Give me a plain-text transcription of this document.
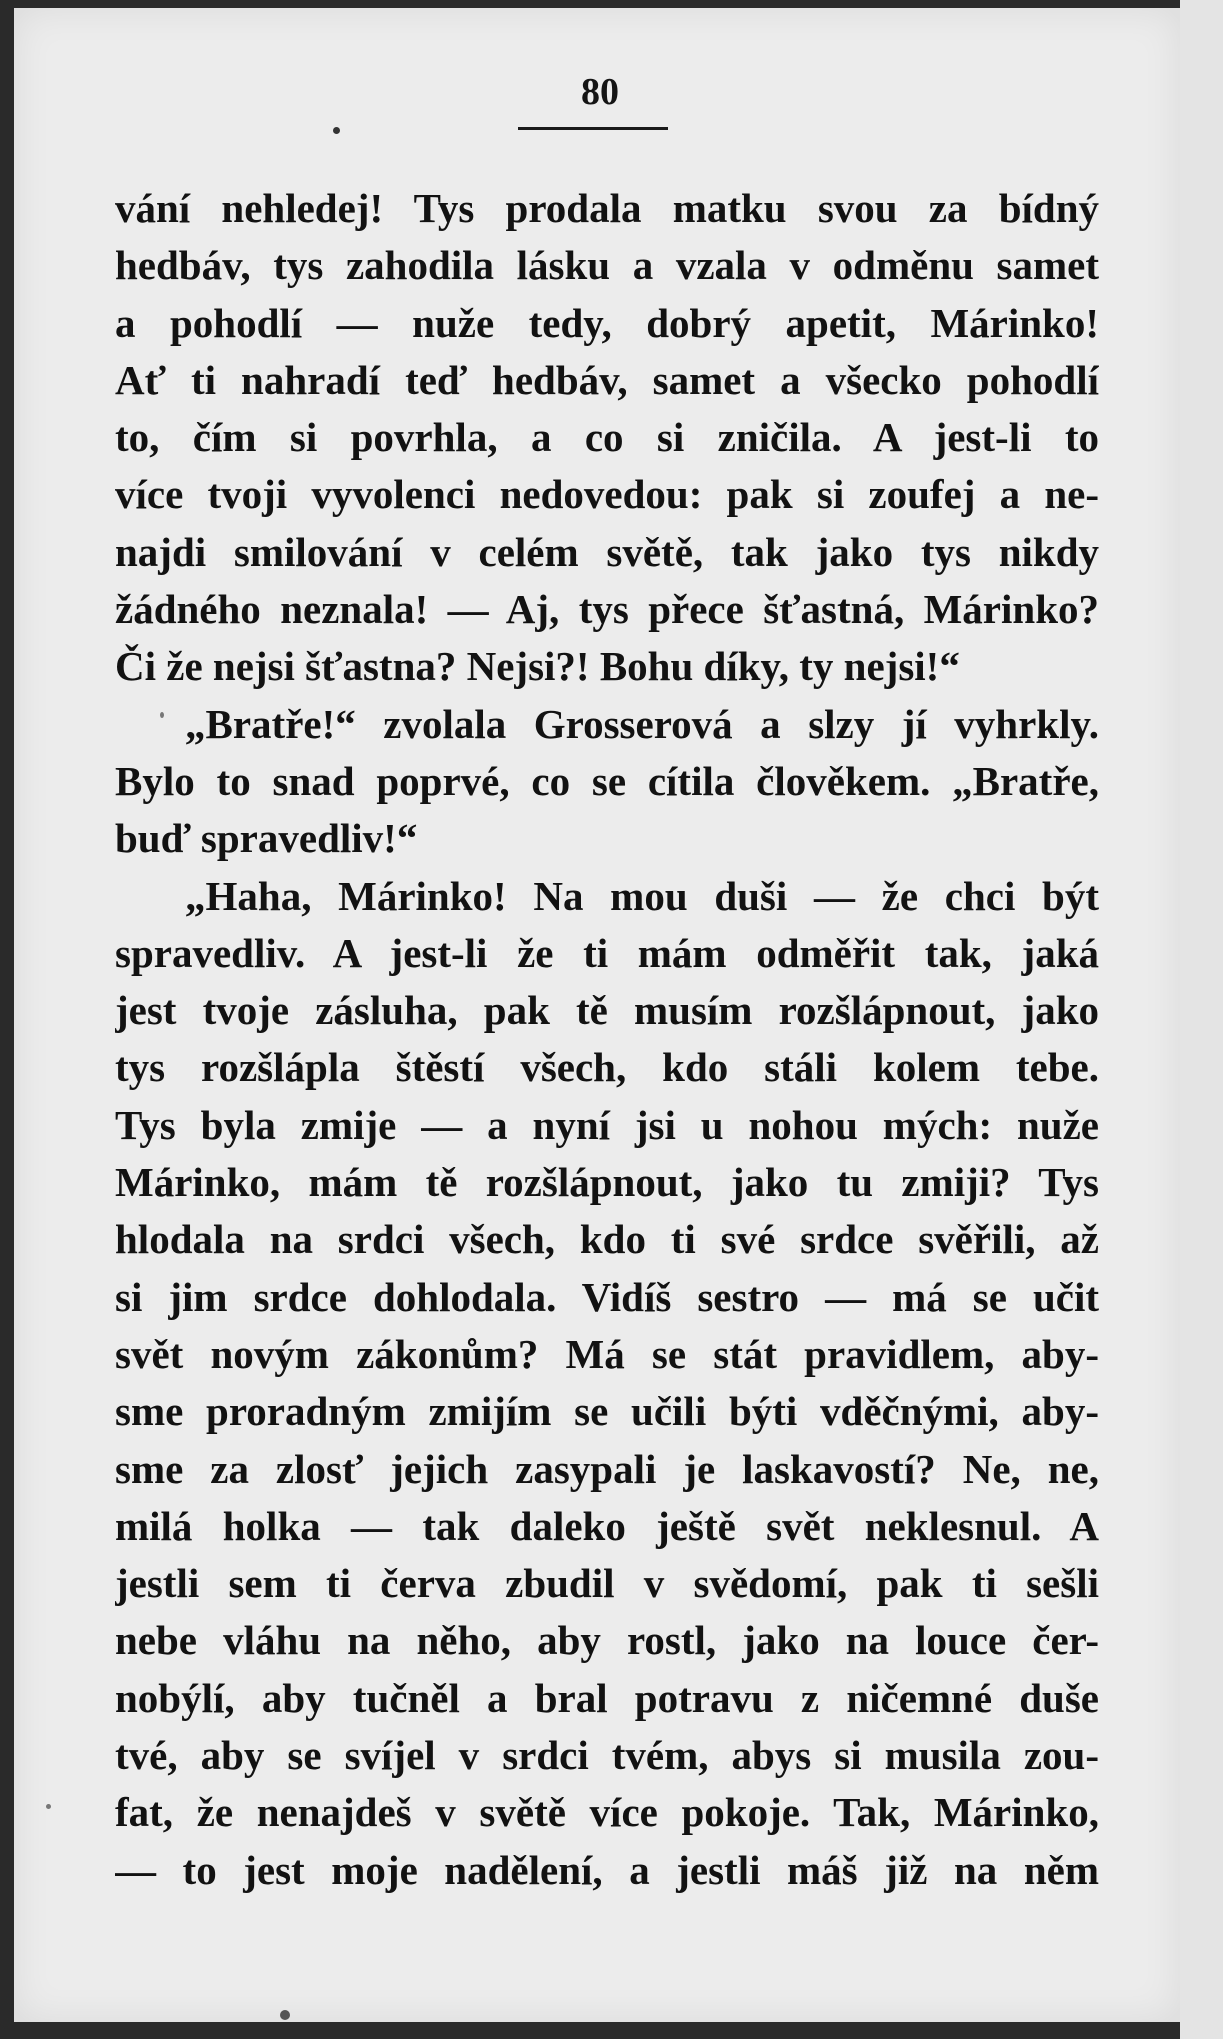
80
vání nehledej! Tys prodala matku svou za bídný
hedbáv, tys zahodila lásku a vzala v odměnu samet
a pohodlí — nuže tedy, dobrý apetit, Márinko!
Ať ti nahradí teď hedbáv, samet a všecko pohodlí
to, čím si povrhla, a co si zničila. A jest-li to
více tvoji vyvolenci nedovedou: pak si zoufej a ne-
najdi smilování v celém světě, tak jako tys nikdy
žádného neznala! — Aj, tys přece šťastná, Márinko?
Či že nejsi šťastna? Nejsi?! Bohu díky, ty nejsi!“
„Bratře!“ zvolala Grosserová a slzy jí vyhrkly.
Bylo to snad poprvé, co se cítila člověkem. „Bratře,
buď spravedliv!“
„Haha, Márinko! Na mou duši — že chci být
spravedliv. A jest-li že ti mám odměřit tak, jaká
jest tvoje zásluha, pak tě musím rozšlápnout, jako
tys rozšlápla štěstí všech, kdo stáli kolem tebe.
Tys byla zmije — a nyní jsi u nohou mých: nuže
Márinko, mám tě rozšlápnout, jako tu zmiji? Tys
hlodala na srdci všech, kdo ti své srdce svěřili, až
si jim srdce dohlodala. Vidíš sestro — má se učit
svět novým zákonům? Má se stát pravidlem, aby-
sme proradným zmijím se učili býti vděčnými, aby-
sme za zlosť jejich zasypali je laskavostí? Ne, ne,
milá holka — tak daleko ještě svět neklesnul. A
jestli sem ti červa zbudil v svědomí, pak ti sešli
nebe vláhu na něho, aby rostl, jako na louce čer-
nobýlí, aby tučněl a bral potravu z ničemné duše
tvé, aby se svíjel v srdci tvém, abys si musila zou-
fat, že nenajdeš v světě více pokoje. Tak, Márinko,
— to jest moje nadělení, a jestli máš již na něm
